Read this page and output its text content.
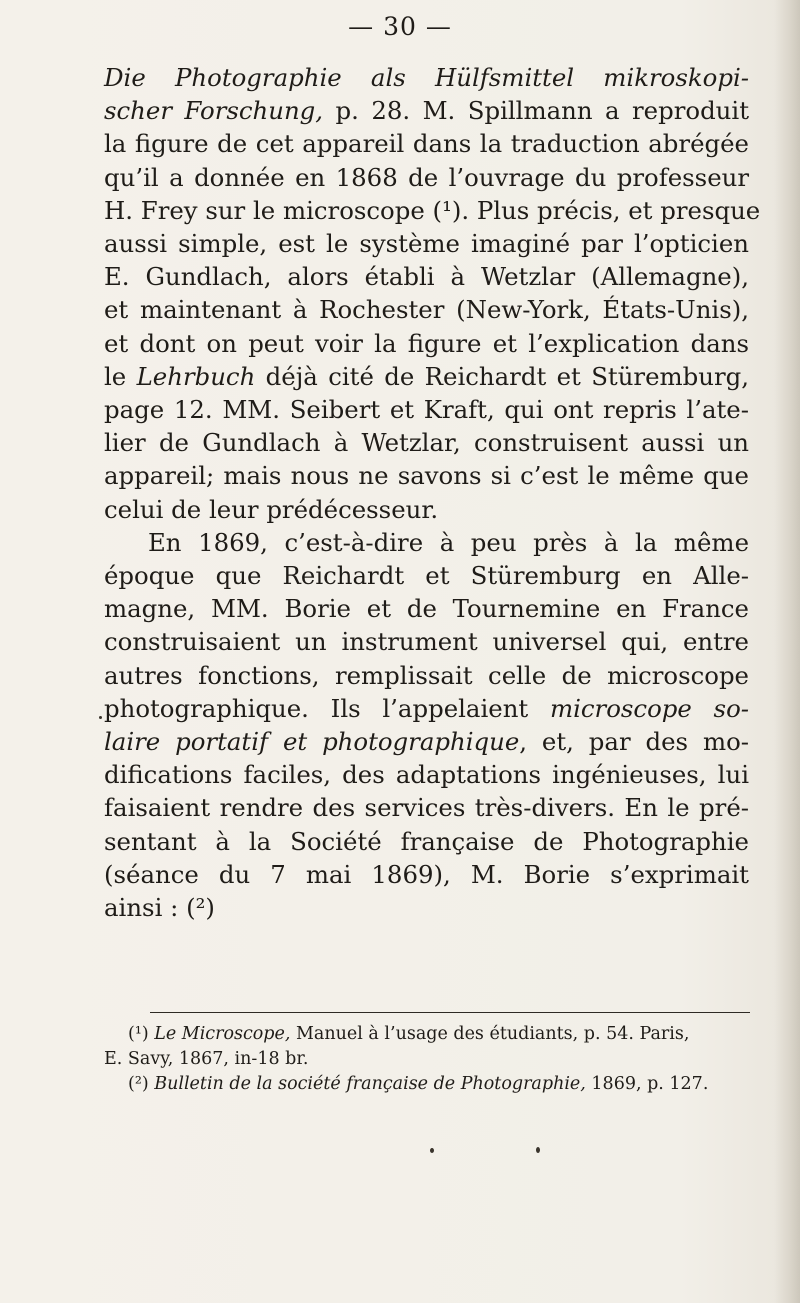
— 30 —
Die Photographie als Hülfsmittel mikroskopi-
scher Forschung, p. 28. M. Spillmann a reproduit
la figure de cet appareil dans la traduction abrégée
qu’il a donnée en 1868 de l’ouvrage du professeur
H. Frey sur le microscope (¹). Plus précis, et presque
aussi simple, est le système imaginé par l’opticien
E. Gundlach, alors établi à Wetzlar (Allemagne),
et maintenant à Rochester (New-York, États-Unis),
et dont on peut voir la figure et l’explication dans
le Lehrbuch déjà cité de Reichardt et Stüremburg,
page 12. MM. Seibert et Kraft, qui ont repris l’ate-
lier de Gundlach à Wetzlar, construisent aussi un
appareil; mais nous ne savons si c’est le même que
celui de leur prédécesseur.
En 1869, c’est-à-dire à peu près à la même
époque que Reichardt et Stüremburg en Alle-
magne, MM. Borie et de Tournemine en France
construisaient un instrument universel qui, entre
autres fonctions, remplissait celle de microscope
photographique. Ils l’appelaient microscope so-
laire portatif et photographique, et, par des mo-
difications faciles, des adaptations ingénieuses, lui
faisaient rendre des services très-divers. En le pré-
sentant à la Société française de Photographie
(séance du 7 mai 1869), M. Borie s’exprimait
ainsi : (²)
(¹) Le Microscope, Manuel à l’usage des étudiants, p. 54. Paris,
E. Savy, 1867, in-18 br.
(²) Bulletin de la société française de Photographie, 1869, p. 127.
